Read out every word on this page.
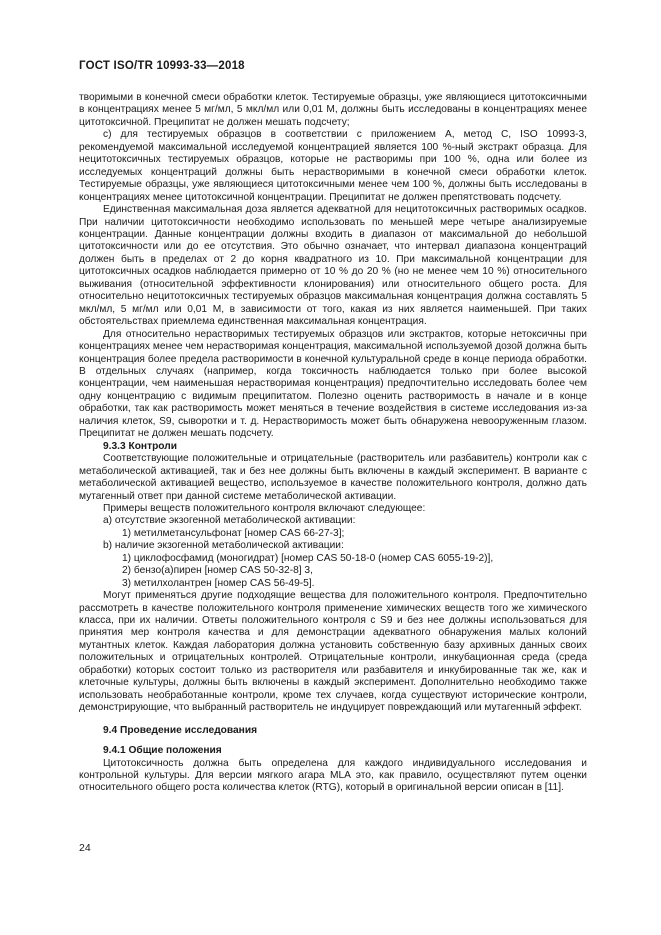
ГОСТ ISO/TR 10993-33—2018

творимыми в конечной смеси обработки клеток. Тестируемые образцы, уже являющиеся цитотоксичными в концентрациях менее 5 мг/мл, 5 мкл/мл или 0,01 М, должны быть исследованы в концентрациях менее цитотоксичной. Преципитат не должен мешать подсчету;

c) для тестируемых образцов в соответствии с приложением А, метод С, ISO 10993-3, рекомендуемой максимальной исследуемой концентрацией является 100 %-ный экстракт образца. Для нецитотоксичных тестируемых образцов, которые не растворимы при 100 %, одна или более из исследуемых концентраций должны быть нерастворимыми в конечной смеси обработки клеток. Тестируемые образцы, уже являющиеся цитотоксичными менее чем 100 %, должны быть исследованы в концентрациях менее цитотоксичной концентрации. Преципитат не должен препятствовать подсчету.

Единственная максимальная доза является адекватной для нецитотоксичных растворимых осадков. При наличии цитотоксичности необходимо использовать по меньшей мере четыре анализируемые концентрации. Данные концентрации должны входить в диапазон от максимальной до небольшой цитотоксичности или до ее отсутствия. Это обычно означает, что интервал диапазона концентраций должен быть в пределах от 2 до корня квадратного из 10. При максимальной концентрации для цитотоксичных осадков наблюдается примерно от 10 % до 20 % (но не менее чем 10 %) относительного выживания (относительной эффективности клонирования) или относительного общего роста. Для относительно нецитотоксичных тестируемых образцов максимальная концентрация должна составлять 5 мкл/мл, 5 мг/мл или 0,01 М, в зависимости от того, какая из них является наименьшей. При таких обстоятельствах приемлема единственная максимальная концентрация.

Для относительно нерастворимых тестируемых образцов или экстрактов, которые нетоксичны при концентрациях менее чем нерастворимая концентрация, максимальной используемой дозой должна быть концентрация более предела растворимости в конечной культуральной среде в конце периода обработки. В отдельных случаях (например, когда токсичность наблюдается только при более высокой концентрации, чем наименьшая нерастворимая концентрация) предпочтительно исследовать более чем одну концентрацию с видимым преципитатом. Полезно оценить растворимость в начале и в конце обработки, так как растворимость может меняться в течение воздействия в системе исследования из-за наличия клеток, S9, сыворотки и т. д. Нерастворимость может быть обнаружена невооруженным глазом. Преципитат не должен мешать подсчету.

9.3.3 Контроли

Соответствующие положительные и отрицательные (растворитель или разбавитель) контроли как с метаболической активацией, так и без нее должны быть включены в каждый эксперимент. В варианте с метаболической активацией вещество, используемое в качестве положительного контроля, должно дать мутагенный ответ при данной системе метаболической активации.

Примеры веществ положительного контроля включают следующее:

a) отсутствие экзогенной метаболической активации:
1) метилметансульфонат [номер CAS 66-27-3];
b) наличие экзогенной метаболической активации:
1) циклофосфамид (моногидрат) [номер CAS 50-18-0 (номер CAS 6055-19-2)],
2) бензо(а)пирен [номер CAS 50-32-8] 3,
3) метилхолантрен [номер CAS 56-49-5].

Могут применяться другие подходящие вещества для положительного контроля. Предпочтительно рассмотреть в качестве положительного контроля применение химических веществ того же химического класса, при их наличии. Ответы положительного контроля с S9 и без нее должны использоваться для принятия мер контроля качества и для демонстрации адекватного обнаружения малых колоний мутантных клеток. Каждая лаборатория должна установить собственную базу архивных данных своих положительных и отрицательных контролей. Отрицательные контроли, инкубационная среда (среда обработки) которых состоит только из растворителя или разбавителя и инкубированные так же, как и клеточные культуры, должны быть включены в каждый эксперимент. Дополнительно необходимо также использовать необработанные контроли, кроме тех случаев, когда существуют исторические контроли, демонстрирующие, что выбранный растворитель не индуцирует повреждающий или мутагенный эффект.

9.4 Проведение исследования
9.4.1 Общие положения

Цитотоксичность должна быть определена для каждого индивидуального исследования и контрольной культуры. Для версии мягкого агара MLA это, как правило, осуществляют путем оценки относительного общего роста количества клеток (RTG), который в оригинальной версии описан в [11].

24
